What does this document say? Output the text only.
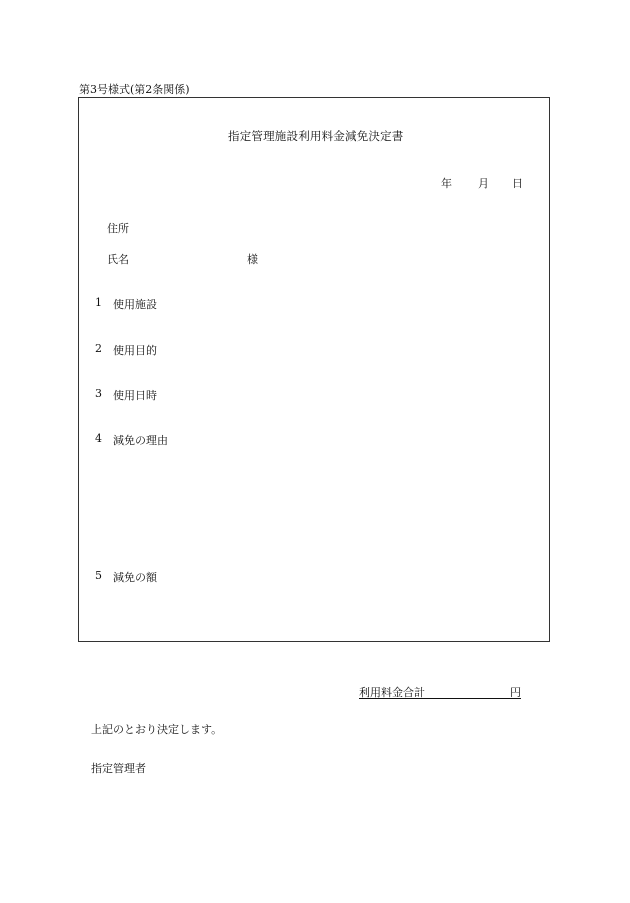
第3号様式(第2条関係)
指定管理施設利用料金減免決定書
年 月 日
住所
氏名	様
1 使用施設
2 使用目的
3 使用日時
4 減免の理由
5 減免の額
利用料金合計	円
上記のとおり決定します。
指定管理者
